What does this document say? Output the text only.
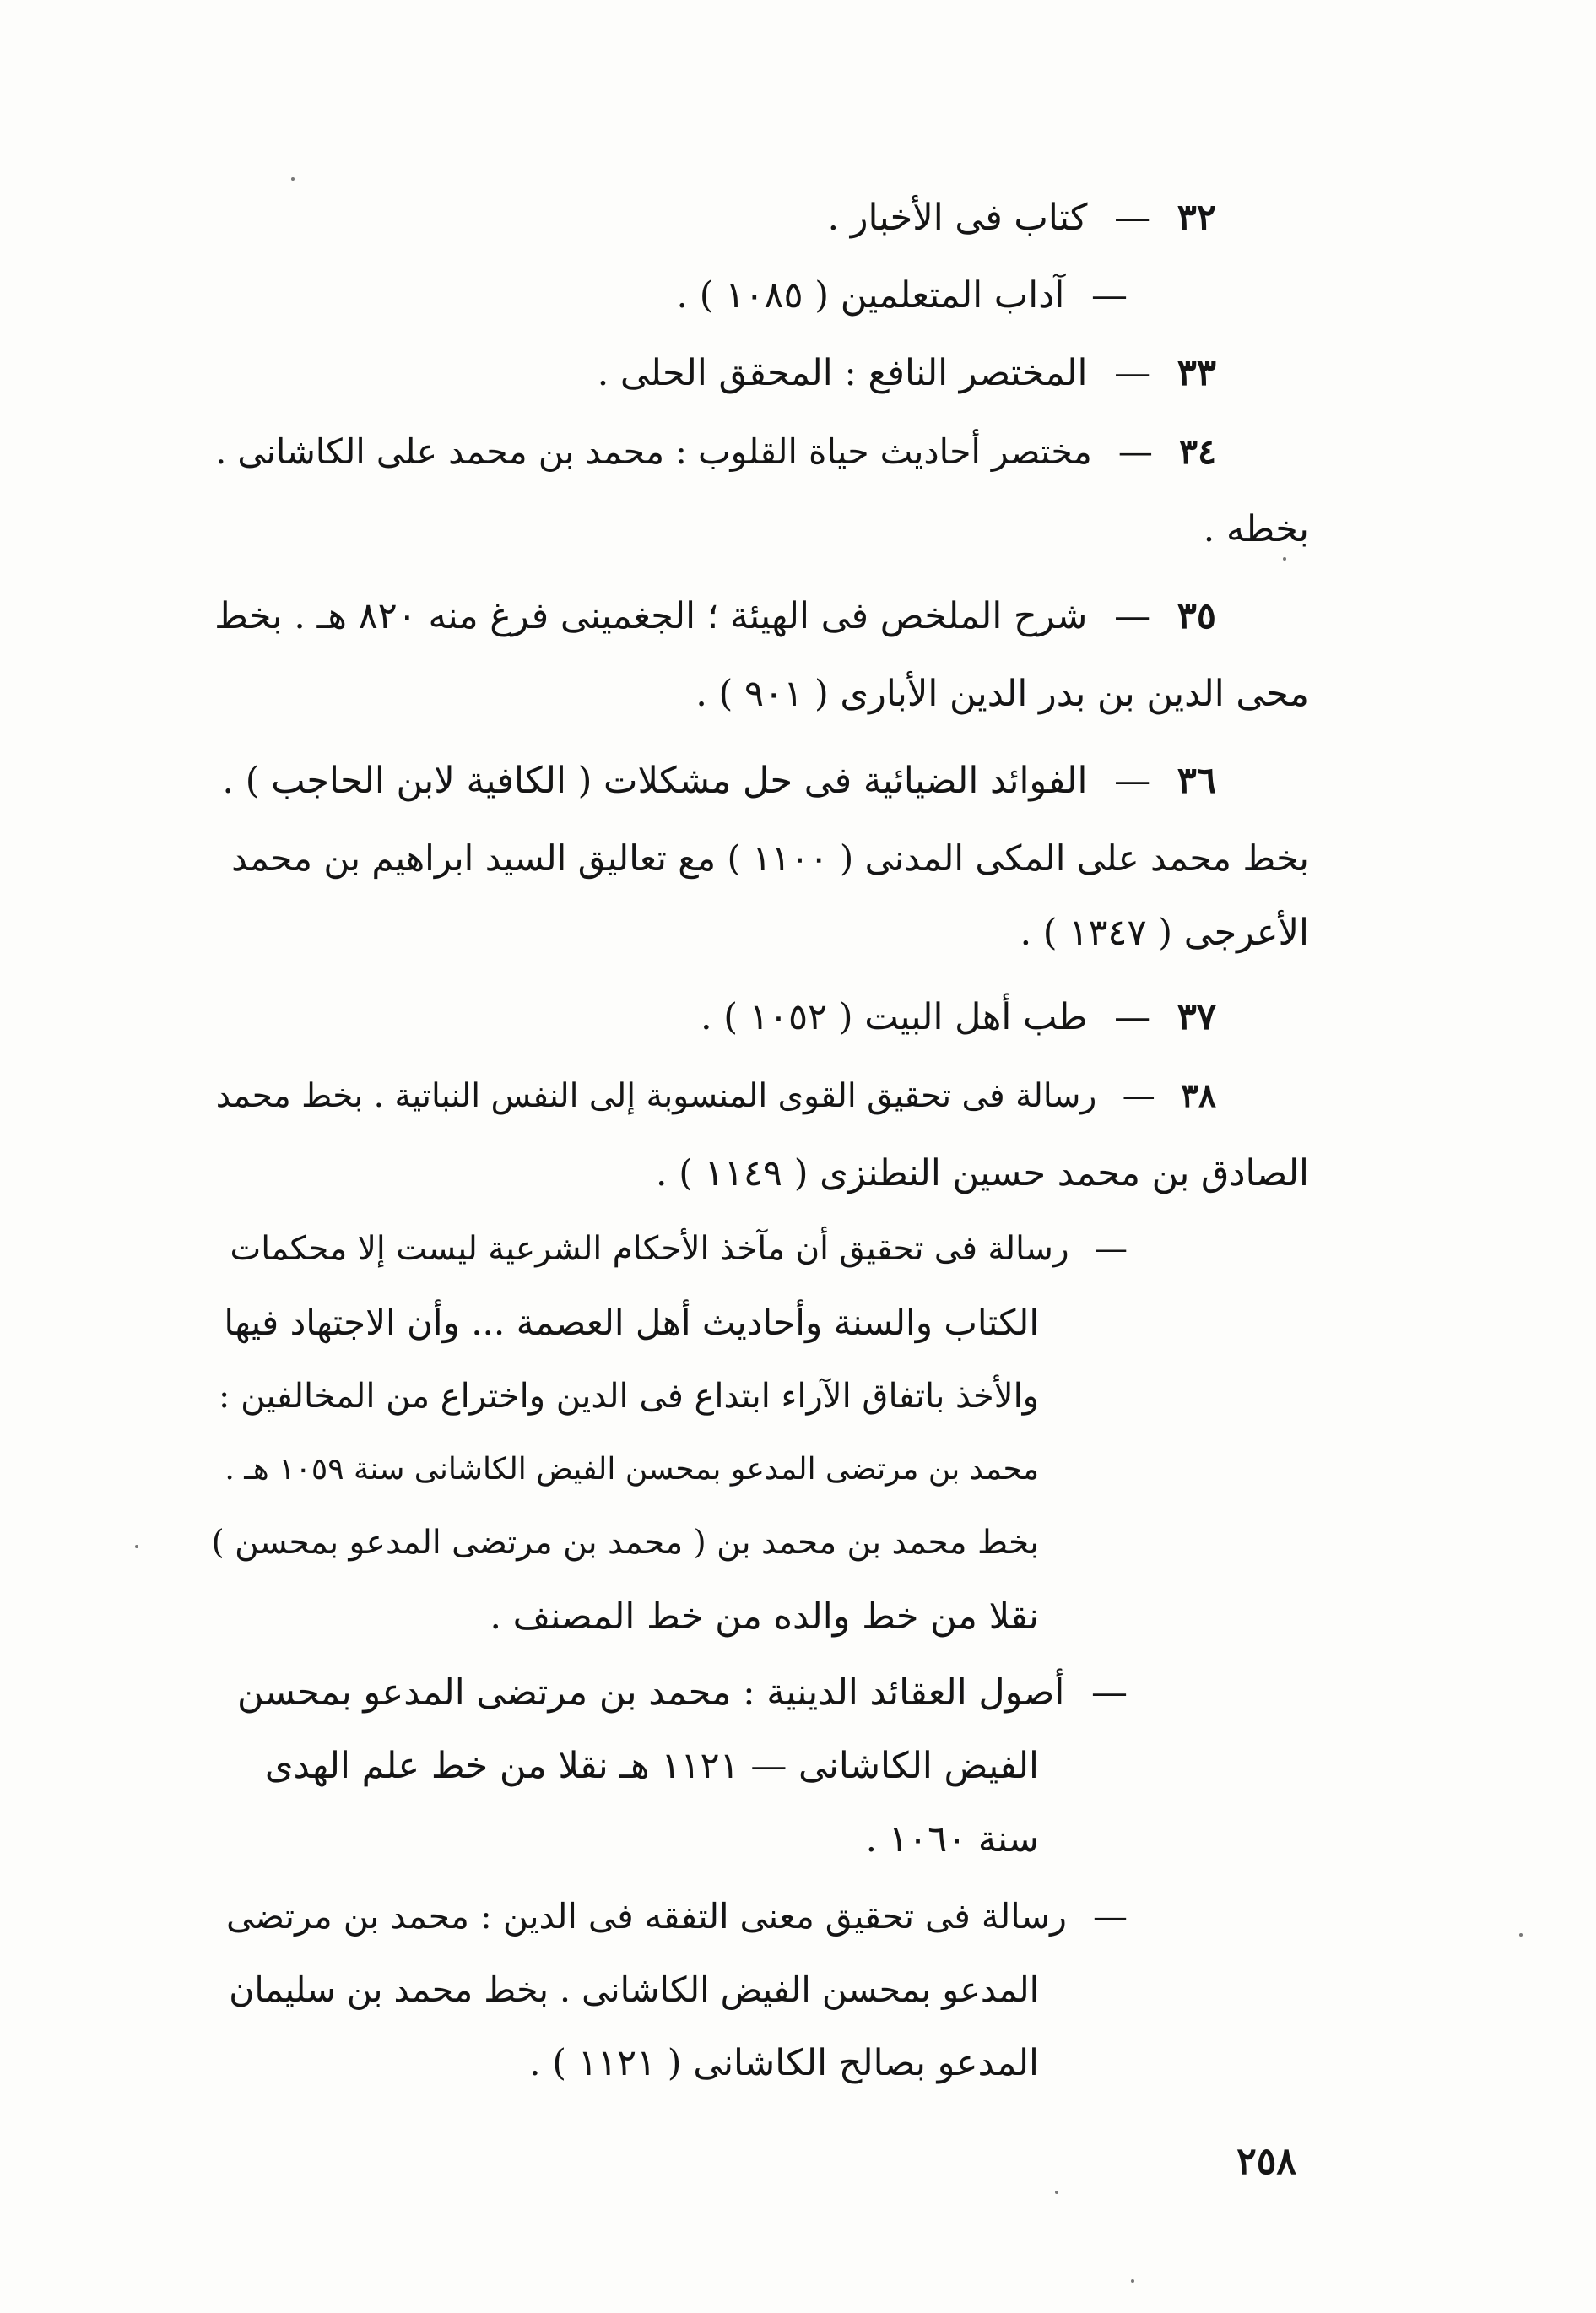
٣٢ — كتاب فى الأخبار .
— آداب المتعلمين ( ١٠٨٥ ) .
٣٣ — المختصر النافع : المحقق الحلى .
٣٤ — مختصر أحاديث حياة القلوب : محمد بن محمد على الكاشانى .
بخطه .
٣٥ — شرح الملخص فى الهيئة ؛ الجغمينى فرغ منه ٨٢٠ هـ . بخط
محى الدين بن بدر الدين الأبارى ( ٩٠١ ) .
٣٦ — الفوائد الضيائية فى حل مشكلات ( الكافية لابن الحاجب ) .
بخط محمد على المكى المدنى ( ١١٠٠ ) مع تعاليق السيد ابراهيم بن محمد
الأعرجى ( ١٣٤٧ ) .
٣٧ — طب أهل البيت ( ١٠٥٢ ) .
٣٨ — رسالة فى تحقيق القوى المنسوبة إلى النفس النباتية . بخط محمد
الصادق بن محمد حسين النطنزى ( ١١٤٩ ) .
— رسالة فى تحقيق أن مآخذ الأحكام الشرعية ليست إلا محكمات
الكتاب والسنة وأحاديث أهل العصمة ... وأن الاجتهاد فيها
والأخذ باتفاق الآراء ابتداع فى الدين واختراع من المخالفين :
محمد بن مرتضى المدعو بمحسن الفيض الكاشانى سنة ١٠٥٩ هـ .
بخط محمد بن محمد بن ( محمد بن مرتضى المدعو بمحسن )
نقلا من خط والده من خط المصنف .
— أصول العقائد الدينية : محمد بن مرتضى المدعو بمحسن
الفيض الكاشانى — ١١٢١ هـ نقلا من خط علم الهدى
سنة ١٠٦٠ .
— رسالة فى تحقيق معنى التفقه فى الدين : محمد بن مرتضى
المدعو بمحسن الفيض الكاشانى . بخط محمد بن سليمان
المدعو بصالح الكاشانى ( ١١٢١ ) .
٢٥٨
